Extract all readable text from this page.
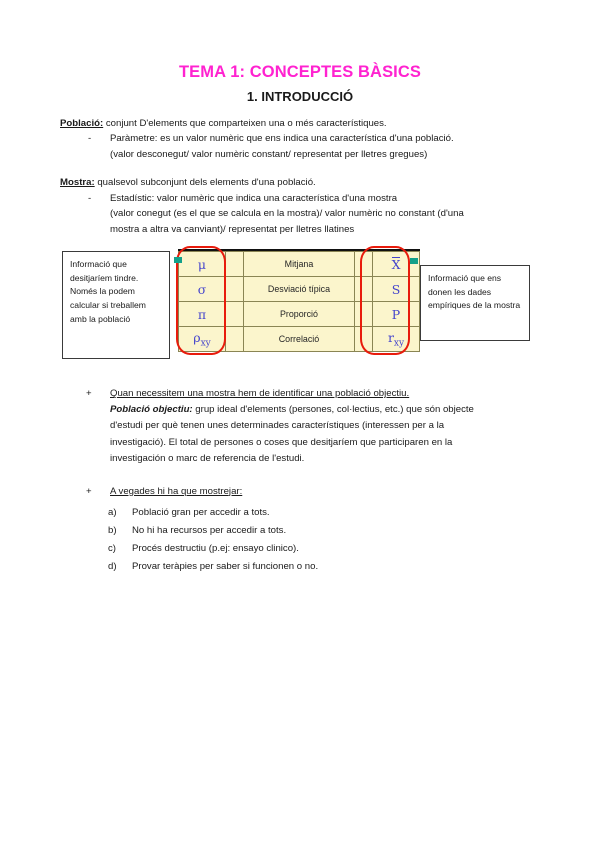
TEMA 1: CONCEPTES BÀSICS
1. INTRODUCCIÓ

Població: conjunt D'elements que comparteixen una o més característiques.

-	Paràmetre: es un valor numèric que ens indica una característica d'una població.
(valor desconegut/ valor numèric constant/ representat per lletres gregues)

Mostra: qualsevol subconjunt dels elements d'una població.

-	Estadístic: valor numèric que indica una característica d'una mostra
(valor conegut (es el que se calcula en la mostra)/ valor numèric no constant (d'una
mostra a altra va canviant)/ representat per lletres llatines
Informació que desitjaríem tindre. Només la podem calcular si treballem amb la població
μ		Mitjana		X
σ		Desviació típica		S
π		Proporció		P
$\rho_{xy}$		Correlació		$r_{xy}$
Informació que ens donen les dades empíriques de la mostra
+	Quan necessitem una mostra hem de identificar una població objectiu.
Població objectiu: grup ideal d'elements (persones, col·lectius, etc.) que són objecte
d'estudi per què tenen unes determinades característiques (interessen per a la
investigació). El total de persones o coses que desitjaríem que participaren en la
investigación o marc de referencia de l'estudi.
+	A vegades hi ha que mostrejar:
a)	Població gran per accedir a tots.
b)	No hi ha recursos per accedir a tots.
c)	Procés destructiu (p.ej: ensayo clinico).
d)	Provar teràpies per saber si funcionen o no.
